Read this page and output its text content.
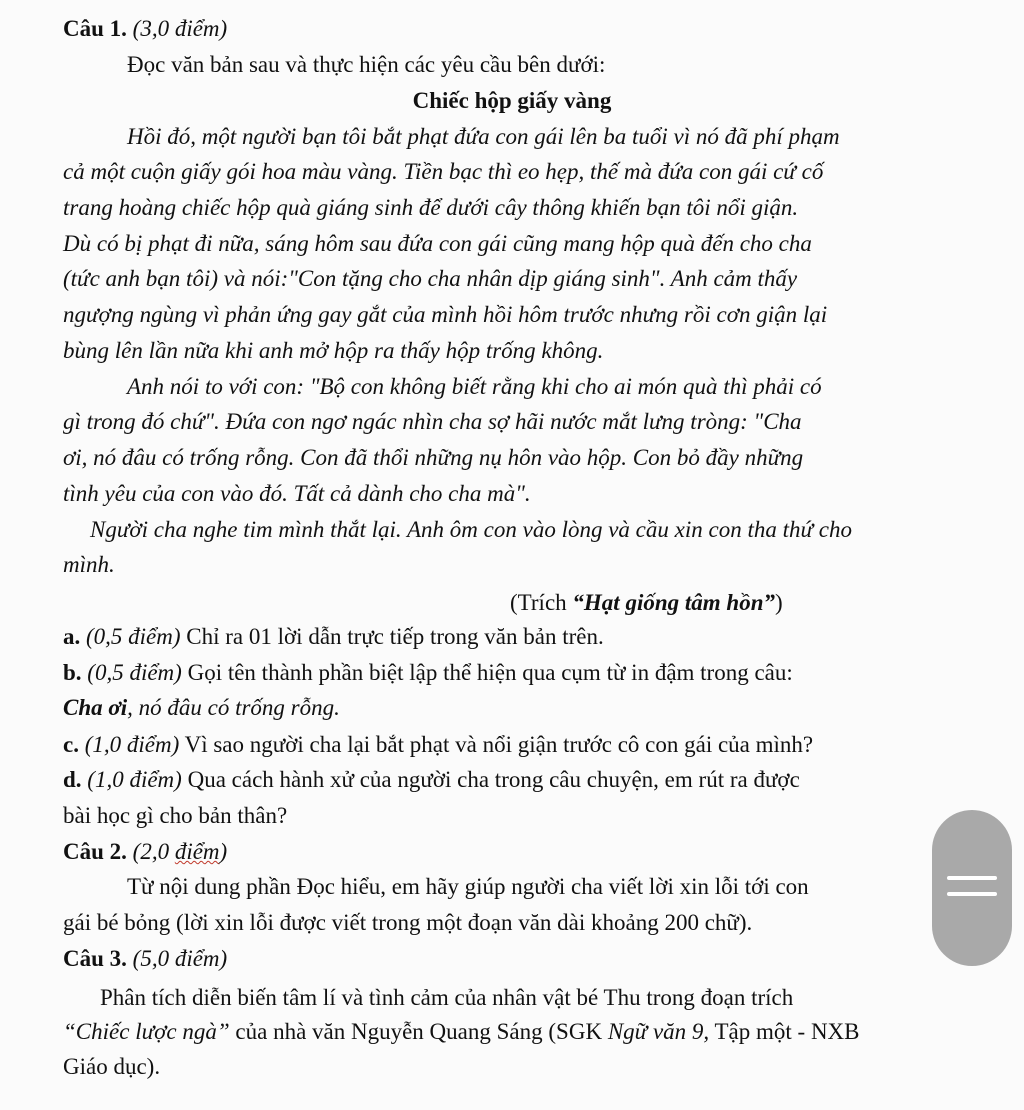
Câu 1. (3,0 điểm)
Đọc văn bản sau và thực hiện các yêu cầu bên dưới:
Chiếc hộp giấy vàng
Hồi đó, một người bạn tôi bắt phạt đứa con gái lên ba tuổi vì nó đã phí phạm
cả một cuộn giấy gói hoa màu vàng. Tiền bạc thì eo hẹp, thế mà đứa con gái cứ cố
trang hoàng chiếc hộp quà giáng sinh để dưới cây thông khiến bạn tôi nổi giận.
Dù có bị phạt đi nữa, sáng hôm sau đứa con gái cũng mang hộp quà đến cho cha
(tức anh bạn tôi) và nói:"Con tặng cho cha nhân dịp giáng sinh". Anh cảm thấy
ngượng ngùng vì phản ứng gay gắt của mình hồi hôm trước nhưng rồi cơn giận lại
bùng lên lần nữa khi anh mở hộp ra thấy hộp trống không.
Anh nói to với con: "Bộ con không biết rằng khi cho ai món quà thì phải có
gì trong đó chứ". Đứa con ngơ ngác nhìn cha sợ hãi nước mắt lưng tròng: "Cha
ơi, nó đâu có trống rỗng. Con đã thổi những nụ hôn vào hộp. Con bỏ đầy những
tình yêu của con vào đó. Tất cả dành cho cha mà".
Người cha nghe tim mình thắt lại. Anh ôm con vào lòng và cầu xin con tha thứ cho
mình.
(Trích “Hạt giống tâm hồn”)
a. (0,5 điểm) Chỉ ra 01 lời dẫn trực tiếp trong văn bản trên.
b. (0,5 điểm) Gọi tên thành phần biệt lập thể hiện qua cụm từ in đậm trong câu:
Cha ơi, nó đâu có trống rỗng.
c. (1,0 điểm) Vì sao người cha lại bắt phạt và nổi giận trước cô con gái của mình?
d. (1,0 điểm) Qua cách hành xử của người cha trong câu chuyện, em rút ra được
bài học gì cho bản thân?
Câu 2. (2,0 điểm)
Từ nội dung phần Đọc hiểu, em hãy giúp người cha viết lời xin lỗi tới con
gái bé bỏng (lời xin lỗi được viết trong một đoạn văn dài khoảng 200 chữ).
Câu 3. (5,0 điểm)
Phân tích diễn biến tâm lí và tình cảm của nhân vật bé Thu trong đoạn trích
“Chiếc lược ngà” của nhà văn Nguyễn Quang Sáng (SGK Ngữ văn 9, Tập một - NXB
Giáo dục).
